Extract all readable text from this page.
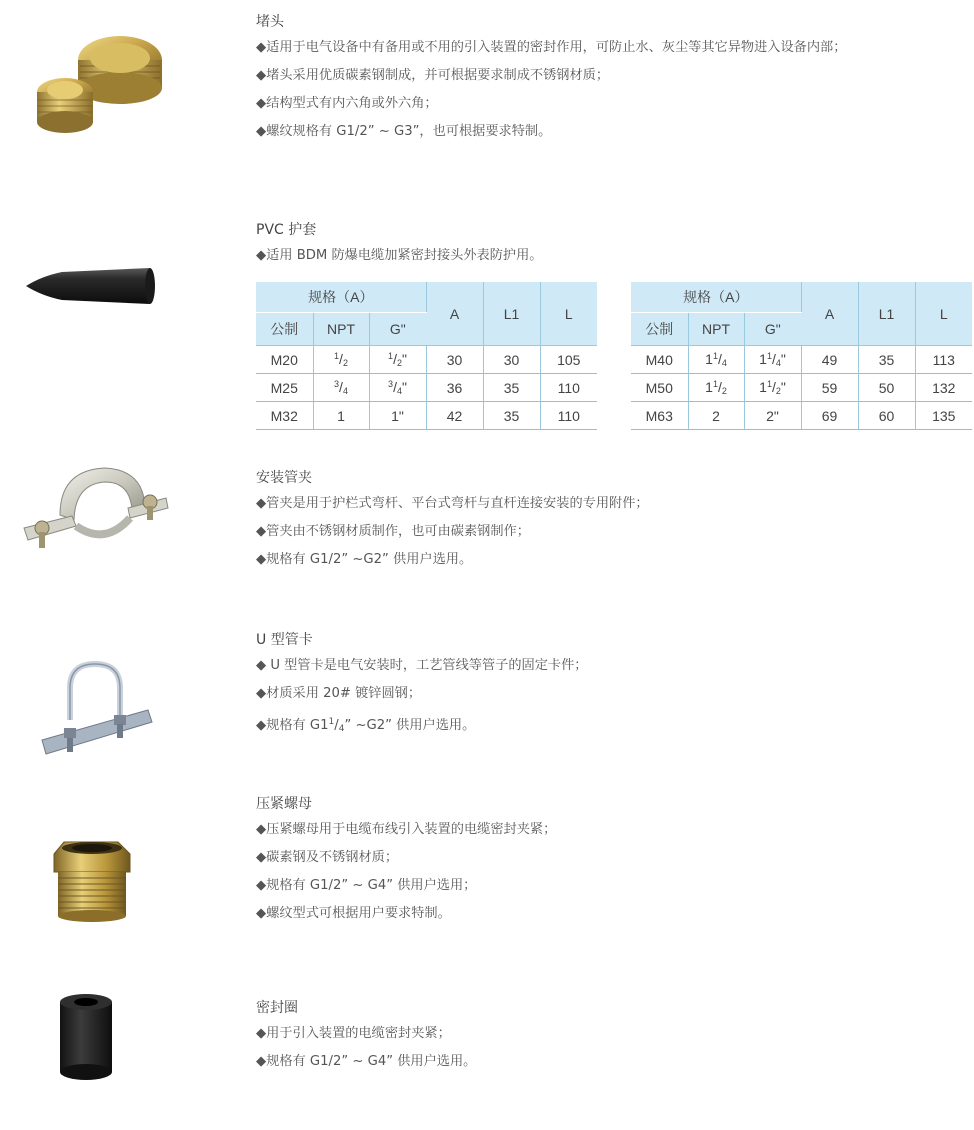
堵头
◆适用于电气设备中有备用或不用的引入装置的密封作用，可防止水、灰尘等其它异物进入设备内部；
◆堵头采用优质碳素钢制成，并可根据要求制成不锈钢材质；
◆结构型式有内六角或外六角；
◆螺纹规格有 G1/2” ~ G3”，也可根据要求特制。
PVC 护套
◆适用 BDM 防爆电缆加紧密封接头外表防护用。
规格（A）			A	L1	L
公制	NPT	G"			
M20	$^1/_2$	$^1/_2$"	30	30	105
M25	$^3/_4$	$^3/_4$"	36	35	110
M32	1	1"	42	35	110
规格（A）			A	L1	L
公制	NPT	G"			
M40	$1^1/_4$	$1^1/_4$"	49	35	113
M50	$1^1/_2$	$1^1/_2$"	59	50	132
M63	2	2"	69	60	135
安装管夹
◆管夹是用于护栏式弯杆、平台式弯杆与直杆连接安装的专用附件；
◆管夹由不锈钢材质制作，也可由碳素钢制作；
◆规格有 G1/2” ~G2” 供用户选用。
U 型管卡
◆ U 型管卡是电气安装时，工艺管线等管子的固定卡件；
◆材质采用 20# 镀锌圆钢；
◆规格有 $G1^1/_4$” ~G2” 供用户选用。
压紧螺母
◆压紧螺母用于电缆布线引入装置的电缆密封夹紧；
◆碳素钢及不锈钢材质；
◆规格有 G1/2” ~ G4” 供用户选用；
◆螺纹型式可根据用户要求特制。
密封圈
◆用于引入装置的电缆密封夹紧；
◆规格有 G1/2” ~ G4” 供用户选用。
